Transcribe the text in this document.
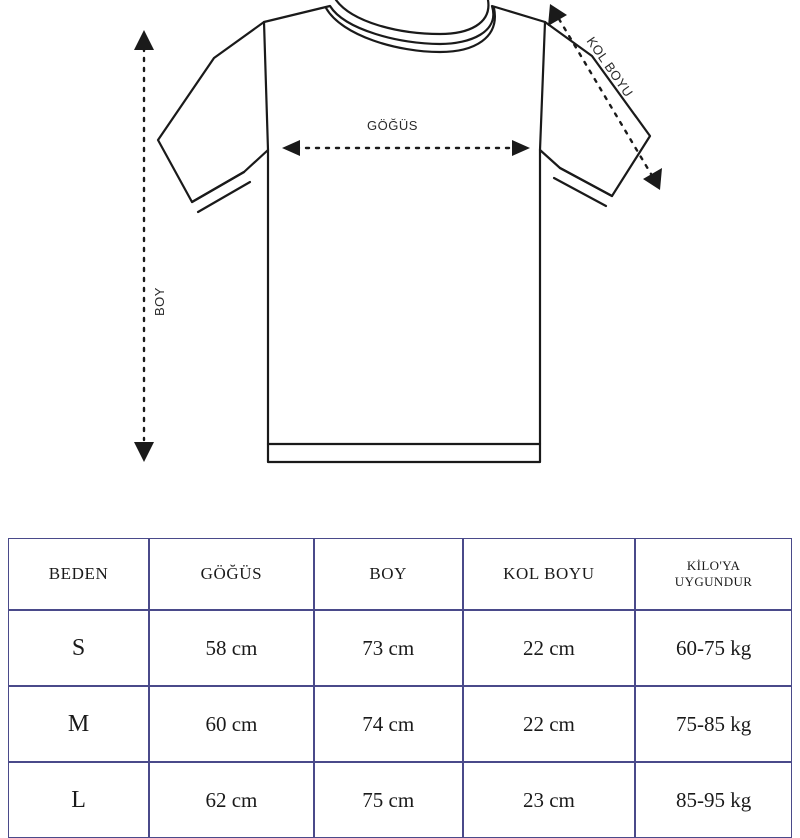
GÖĞÜS
BOY
KOL BOYU
BEDEN	GÖĞÜS	BOY	KOL BOYU	KİLO'YA
UYGUNDUR

S	58 cm	73 cm	22 cm	60-75 kg
M	60 cm	74 cm	22 cm	75-85 kg
L	62 cm	75 cm	23 cm	85-95 kg
